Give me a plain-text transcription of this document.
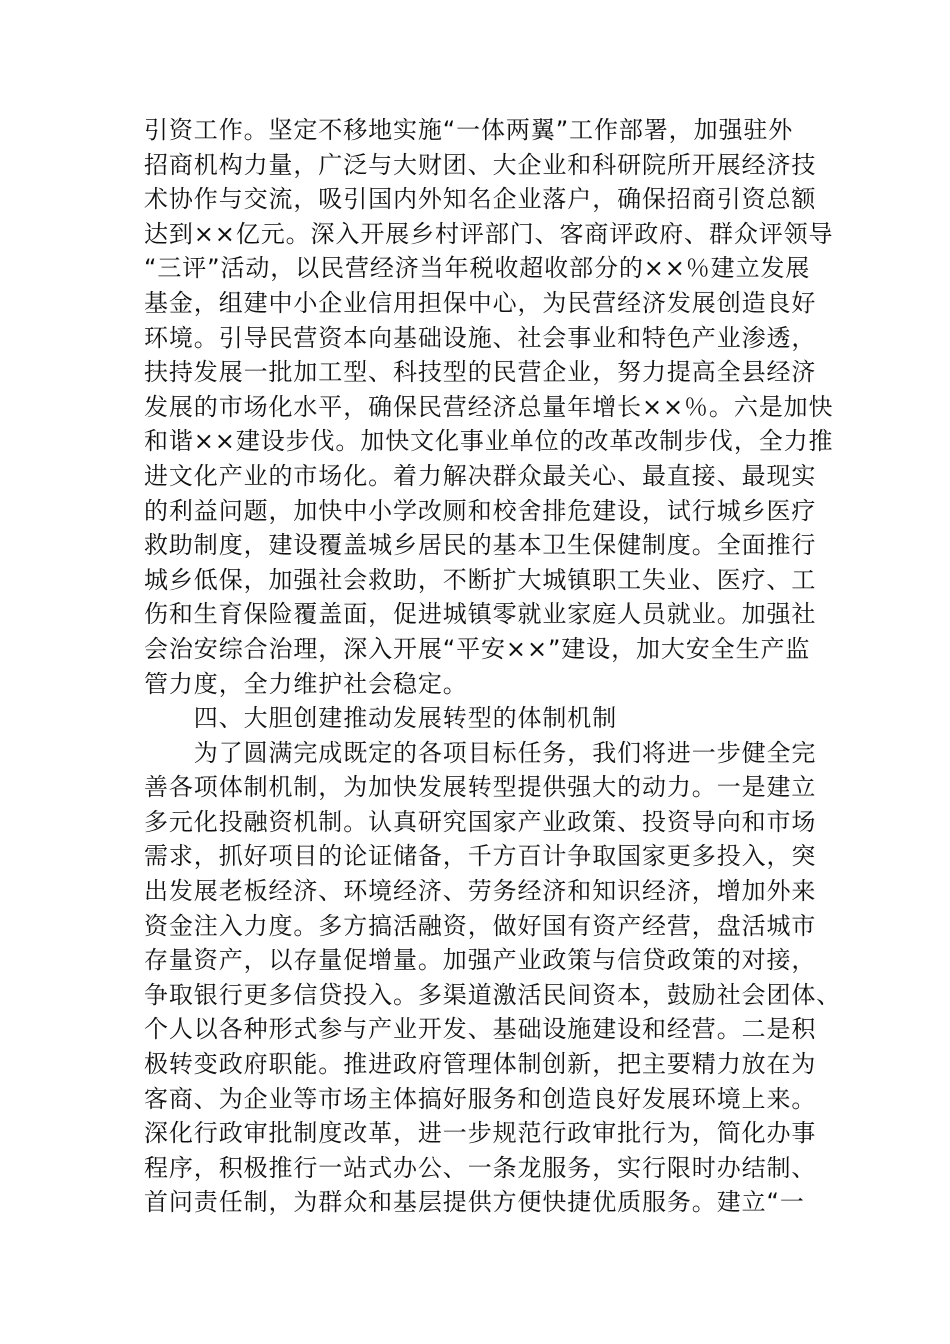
引资工作。坚定不移地实施“一体两翼”工作部署，加强驻外
招商机构力量，广泛与大财团、大企业和科研院所开展经济技
术协作与交流，吸引国内外知名企业落户，确保招商引资总额
达到××亿元。深入开展乡村评部门、客商评政府、群众评领导
“三评”活动，以民营经济当年税收超收部分的××％建立发展
基金，组建中小企业信用担保中心，为民营经济发展创造良好
环境。引导民营资本向基础设施、社会事业和特色产业渗透，
扶持发展一批加工型、科技型的民营企业，努力提高全县经济
发展的市场化水平，确保民营经济总量年增长××％。六是加快
和谐××建设步伐。加快文化事业单位的改革改制步伐，全力推
进文化产业的市场化。着力解决群众最关心、最直接、最现实
的利益问题，加快中小学改厕和校舍排危建设，试行城乡医疗
救助制度，建设覆盖城乡居民的基本卫生保健制度。全面推行
城乡低保，加强社会救助，不断扩大城镇职工失业、医疗、工
伤和生育保险覆盖面，促进城镇零就业家庭人员就业。加强社
会治安综合治理，深入开展“平安××”建设，加大安全生产监
管力度，全力维护社会稳定。
　　四、大胆创建推动发展转型的体制机制
　　为了圆满完成既定的各项目标任务，我们将进一步健全完
善各项体制机制，为加快发展转型提供强大的动力。一是建立
多元化投融资机制。认真研究国家产业政策、投资导向和市场
需求，抓好项目的论证储备，千方百计争取国家更多投入，突
出发展老板经济、环境经济、劳务经济和知识经济，增加外来
资金注入力度。多方搞活融资，做好国有资产经营，盘活城市
存量资产，以存量促增量。加强产业政策与信贷政策的对接，
争取银行更多信贷投入。多渠道激活民间资本，鼓励社会团体、
个人以各种形式参与产业开发、基础设施建设和经营。二是积
极转变政府职能。推进政府管理体制创新，把主要精力放在为
客商、为企业等市场主体搞好服务和创造良好发展环境上来。
深化行政审批制度改革，进一步规范行政审批行为，简化办事
程序，积极推行一站式办公、一条龙服务，实行限时办结制、
首问责任制，为群众和基层提供方便快捷优质服务。建立“一
